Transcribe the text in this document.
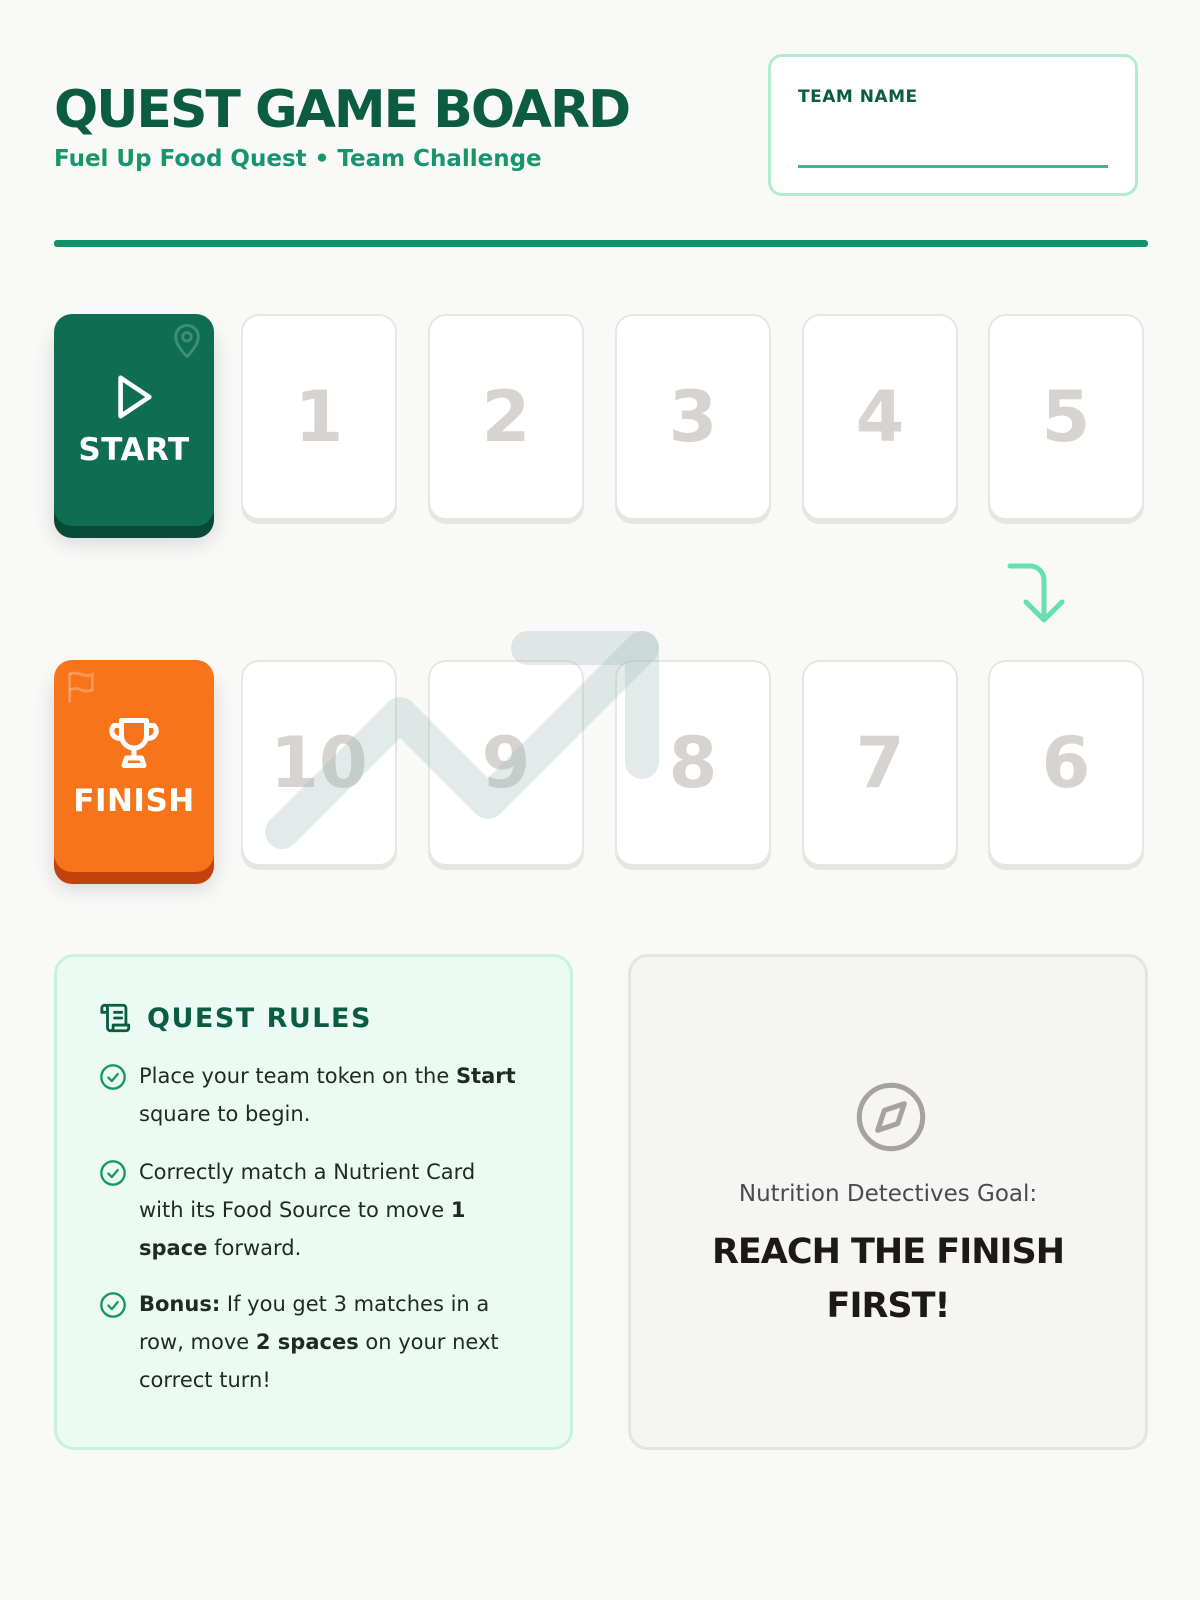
QUEST GAME BOARD
Fuel Up Food Quest • Team Challenge
TEAM NAME
START	1	2	3	4	5
FINISH	10	9	8	7	6
QUEST RULES
Place your team token on the Start square to begin.
Correctly match a Nutrient Card with its Food Source to move 1 space forward.
Bonus: If you get 3 matches in a row, move 2 spaces on your next correct turn!
Nutrition Detectives Goal:
REACH THE FINISH FIRST!
